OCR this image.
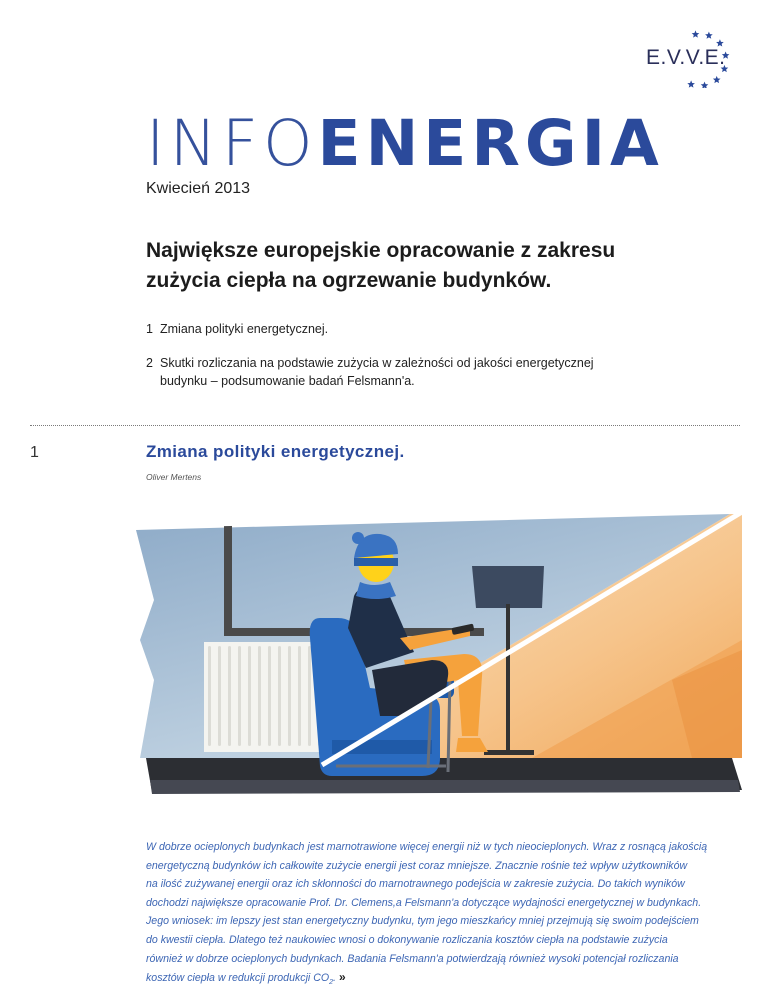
E.V.V.E.
INFOENERGIA
Kwiecień 2013
Największe europejskie opracowanie z zakresu
zużycia ciepła na ogrzewanie budynków.
1 Zmiana polityki energetycznej.
2 Skutki rozliczania na podstawie zużycia w zależności od jakości energetycznej
budynku – podsumowanie badań Felsmann'a.
1	Zmiana polityki energetycznej.
Oliver Mertens
W dobrze ocieplonych budynkach jest marnotrawione więcej energii niż w tych nieocieplonych. Wraz z rosnącą jakością
energetyczną budynków ich całkowite zużycie energii jest coraz mniejsze. Znacznie rośnie też wpływ użytkowników
na ilość zużywanej energii oraz ich skłonności do marnotrawnego podejścia w zakresie zużycia. Do takich wyników
dochodzi największe opracowanie Prof. Dr. Clemens,a Felsmann'a dotyczące wydajności energetycznej w budynkach.
Jego wniosek: im lepszy jest stan energetyczny budynku, tym jego mieszkańcy mniej przejmują się swoim podejściem
do kwestii ciepła. Dlatego też naukowiec wnosi o dokonywanie rozliczania kosztów ciepła na podstawie zużycia
również w dobrze ocieplonych budynkach. Badania Felsmann'a potwierdzają również wysoki potencjał rozliczania
kosztów ciepła w redukcji produkcji $CO_2$. »
